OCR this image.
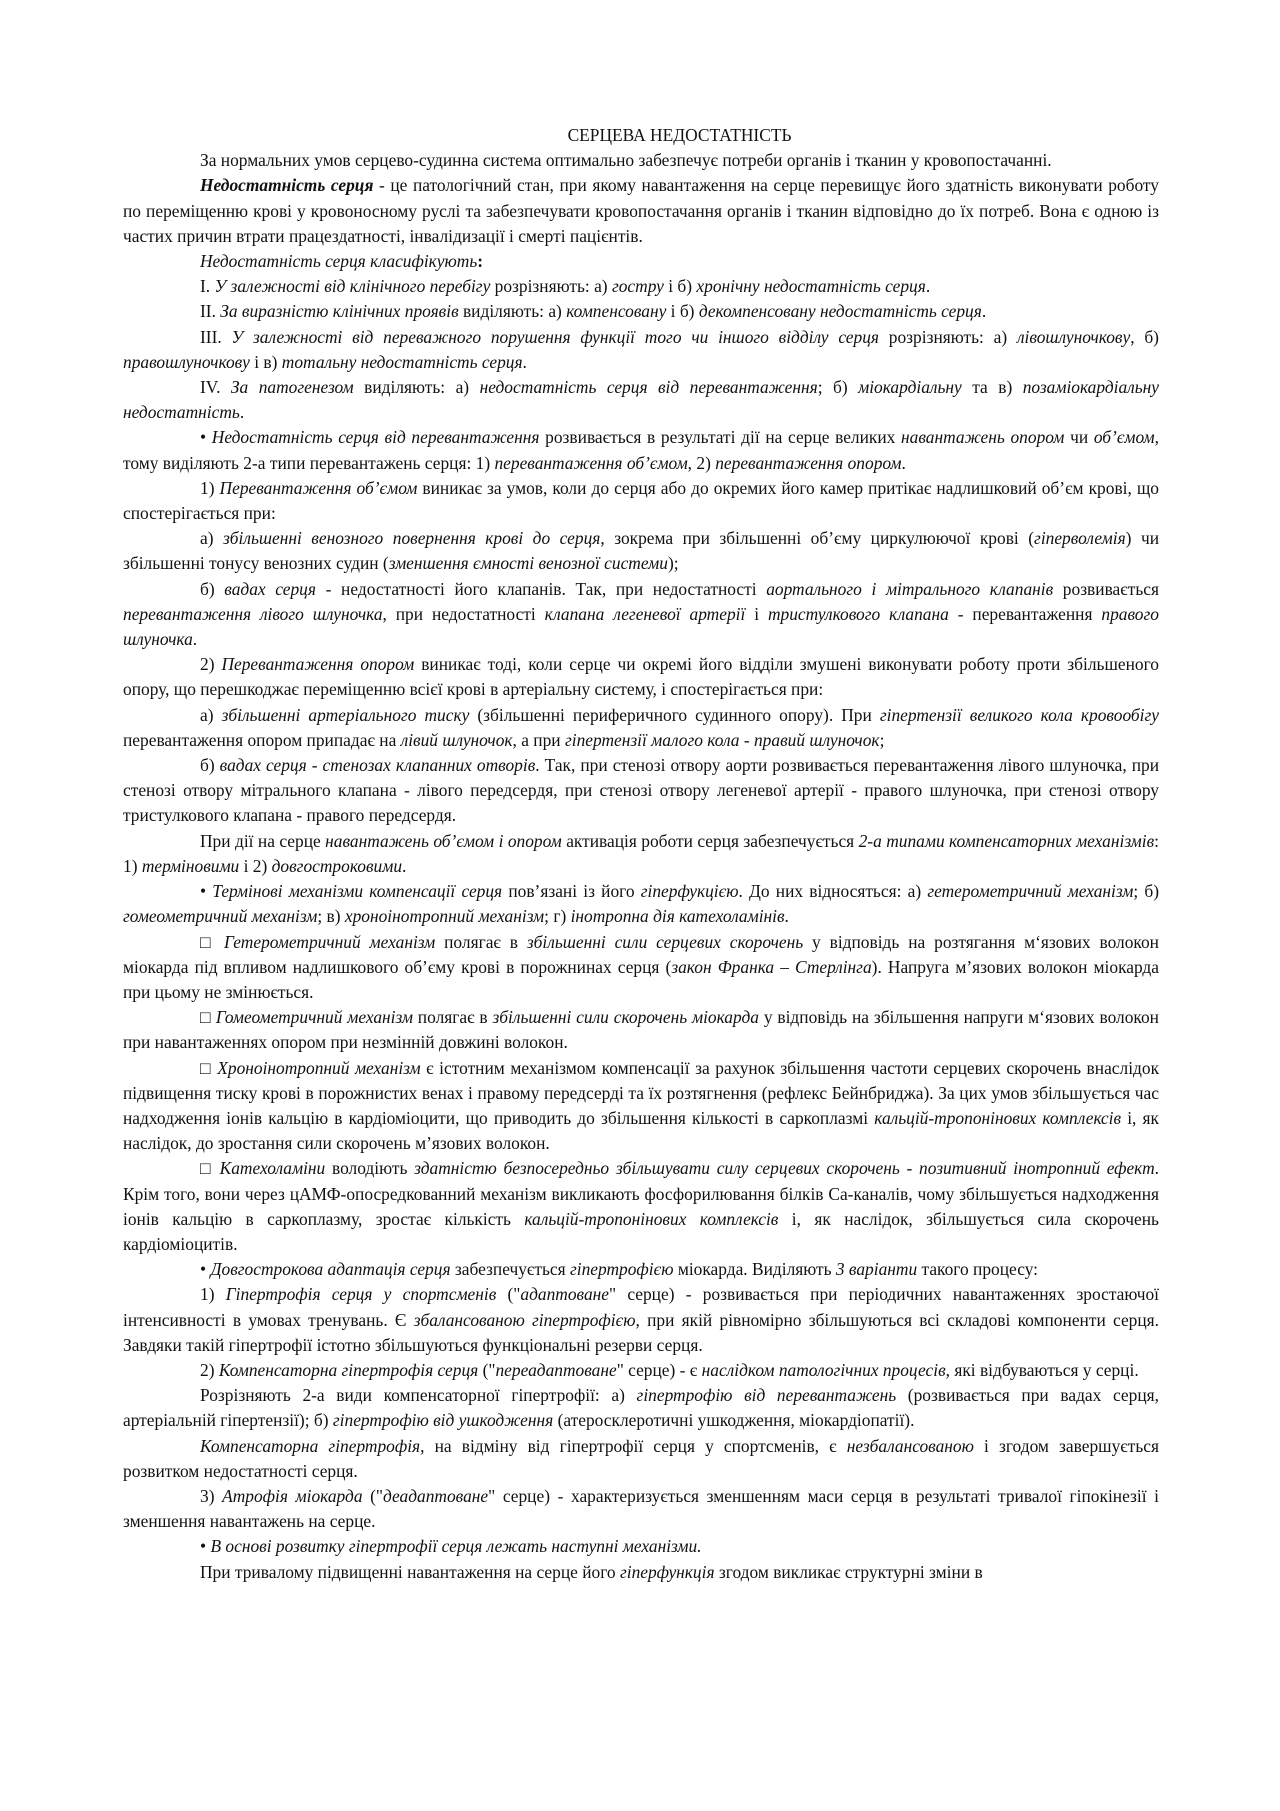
СЕРЦЕВА НЕДОСТАТНІСТЬ

За нормальних умов серцево-судинна система оптимально забезпечує потреби органів і тканин у кровопостачанні.

Недостатність серця - це патологічний стан, при якому навантаження на серце перевищує його здатність виконувати роботу по переміщенню крові у кровоносному руслі та забезпечувати кровопостачання органів і тканин відповідно до їх потреб. Вона є одною із частих причин втрати працездатності, інвалідизації і смерті пацієнтів.

Недостатність серця класифікують:

I. У залежності від клінічного перебігу розрізняють: а) гостру і б) хронічну недостатність серця.

II. За виразністю клінічних проявів виділяють: а) компенсовану і б) декомпенсовану недостатність серця.

III. У залежності від переважного порушення функції того чи іншого відділу серця розрізняють: а) лівошлуночкову, б) правошлуночкову і в) тотальну недостатність серця.

IV. За патогенезом виділяють: а) недостатність серця від перевантаження; б) міокардіальну та в) позаміокардіальну недостатність.

• Недостатність серця від перевантаження розвивається в результаті дії на серце великих навантажень опором чи об’ємом, тому виділяють 2-а типи перевантажень серця: 1) перевантаження об’ємом, 2) перевантаження опором.

1) Перевантаження об’ємом виникає за умов, коли до серця або до окремих його камер притікає надлишковий об’єм крові, що спостерігається при:

а) збільшенні венозного повернення крові до серця, зокрема при збільшенні об’єму циркулюючої крові (гіперволемія) чи збільшенні тонусу венозних судин (зменшення ємності венозної системи);

б) вадах серця - недостатності його клапанів. Так, при недостатності аортального і мітрального клапанів розвивається перевантаження лівого шлуночка, при недостатності клапана легеневої артерії і тристулкового клапана - перевантаження правого шлуночка.

2) Перевантаження опором виникає тоді, коли серце чи окремі його відділи змушені виконувати роботу проти збільшеного опору, що перешкоджає переміщенню всієї крові в артеріальну систему, і спостерігається при:

а) збільшенні артеріального тиску (збільшенні периферичного судинного опору). При гіпертензії великого кола кровообігу перевантаження опором припадає на лівий шлуночок, а при гіпертензії малого кола - правий шлуночок;

б) вадах серця - стенозах клапанних отворів. Так, при стенозі отвору аорти розвивається перевантаження лівого шлуночка, при стенозі отвору мітрального клапана - лівого передсердя, при стенозі отвору легеневої артерії - правого шлуночка, при стенозі отвору тристулкового клапана - правого передсердя.

При дії на серце навантажень об’ємом і опором активація роботи серця забезпечується 2-а типами компенсаторних механізмів: 1) терміновими і 2) довгостроковими.

• Термінові механізми компенсації серця пов’язані із його гіперфукцією. До них відносяться: а) гетерометричний механізм; б) гомеометричний механізм; в) хроноінотропний механізм; г) інотропна дія катехоламінів.

□ Гетерометричний механізм полягає в збільшенні сили серцевих скорочень у відповідь на розтягання м‘язових волокон міокарда під впливом надлишкового об’єму крові в порожнинах серця (закон Франка – Стерлінга). Напруга м’язових волокон міокарда при цьому не змінюється.

□ Гомеометричний механізм полягає в збільшенні сили скорочень міокарда у відповідь на збільшення напруги м‘язових волокон при навантаженнях опором при незмінній довжині волокон.

□ Хроноінотропний механізм є істотним механізмом компенсації за рахунок збільшення частоти серцевих скорочень внаслідок підвищення тиску крові в порожнистих венах і правому передсерді та їх розтягнення (рефлекс Бейнбриджа). За цих умов збільшується час надходження іонів кальцію в кардіоміоцити, що приводить до збільшення кількості в саркоплазмі кальцій-тропонінових комплексів і, як наслідок, до зростання сили скорочень м’язових волокон.

□ Катехоламіни володіють здатністю безпосередньо збільшувати силу серцевих скорочень - позитивний інотропний ефект. Крім того, вони через цАМФ-опосредкованний механізм викликають фосфорилювання білків Са-каналів, чому збільшується надходження іонів кальцію в саркоплазму, зростає кількість кальцій-тропонінових комплексів і, як наслідок, збільшується сила скорочень кардіоміоцитів.

• Довгострокова адаптація серця забезпечується гіпертрофією міокарда. Виділяють 3 варіанти такого процесу:

1) Гіпертрофія серця у спортсменів ("адаптоване" серце) - розвивається при періодичних навантаженнях зростаючої інтенсивності в умовах тренувань. Є збалансованою гіпертрофією, при якій рівномірно збільшуються всі складові компоненти серця. Завдяки такій гіпертрофії істотно збільшуються функціональні резерви серця.

2) Компенсаторна гіпертрофія серця ("переадаптоване" серце) - є наслідком патологічних процесів, які відбуваються у серці.

Розрізняють 2-а види компенсаторної гіпертрофії: а) гіпертрофію від перевантажень (розвивається при вадах серця, артеріальній гіпертензії); б) гіпертрофію від ушкодження (атеросклеротичні ушкодження, міокардіопатії).

Компенсаторна гіпертрофія, на відміну від гіпертрофії серця у спортсменів, є незбалансованою і згодом завершується розвитком недостатності серця.

3) Атрофія міокарда ("деадаптоване" серце) - характеризується зменшенням маси серця в результаті тривалої гіпокінезії і зменшення навантажень на серце.

• В основі розвитку гіпертрофії серця лежать наступні механізми.

При тривалому підвищенні навантаження на серце його гіперфункція згодом викликає структурні зміни в
